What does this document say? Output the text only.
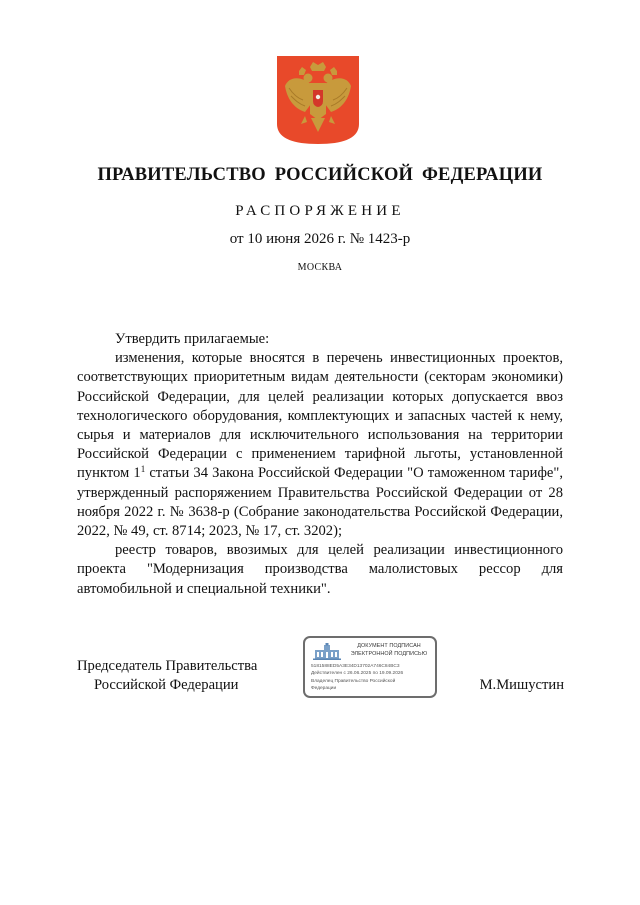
ПРАВИТЕЛЬСТВО РОССИЙСКОЙ ФЕДЕРАЦИИ
РАСПОРЯЖЕНИЕ
от 10 июня 2026 г. № 1423-р
МОСКВА

Утвердить прилагаемые:

изменения, которые вносятся в перечень инвестиционных проектов, соответствующих приоритетным видам деятельности (секторам экономики) Российской Федерации, для целей реализации которых допускается ввоз технологического оборудования, комплектующих и запасных частей к нему, сырья и материалов для исключительного использования на территории Российской Федерации с применением тарифной льготы, установленной пунктом $1^1$ статьи 34 Закона Российской Федерации "О таможенном тарифе", утвержденный распоряжением Правительства Российской Федерации от 28 ноября 2022 г. № 3638-р (Собрание законодательства Российской Федерации, 2022, № 49, ст. 8714; 2023, № 17, ст. 3202);

реестр товаров, ввозимых для целей реализации инвестиционного проекта "Модернизация производства малолистовых рессор для автомобильной и специальной техники".

Председатель Правительства
Российской Федерации
ДОКУМЕНТ ПОДПИСАН
ЭЛЕКТРОННОЙ ПОДПИСЬЮ
5181588ED5A3E34D13702A746C84BC3
Действителен с 26.06.2025 по 19.09.2026
Владелец Правительство Российской
Федерации	М.Мишустин
